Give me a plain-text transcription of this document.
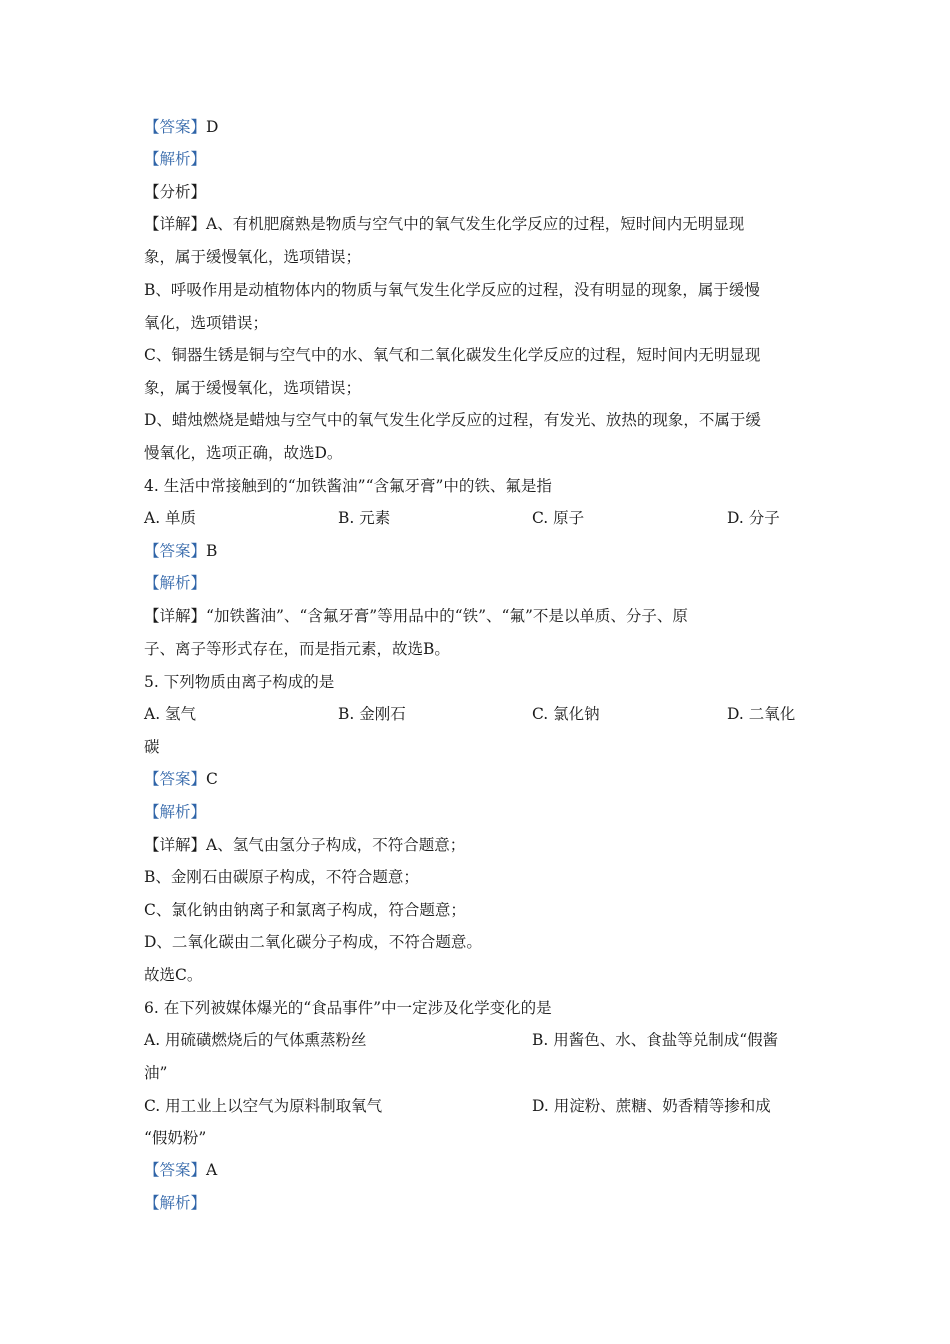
【答案】D
【解析】
【分析】
【详解】A、有机肥腐熟是物质与空气中的氧气发生化学反应的过程，短时间内无明显现
象，属于缓慢氧化，选项错误；
B、呼吸作用是动植物体内的物质与氧气发生化学反应的过程，没有明显的现象，属于缓慢
氧化，选项错误；
C、铜器生锈是铜与空气中的水、氧气和二氧化碳发生化学反应的过程，短时间内无明显现
象，属于缓慢氧化，选项错误；
D、蜡烛燃烧是蜡烛与空气中的氧气发生化学反应的过程，有发光、放热的现象，不属于缓
慢氧化，选项正确，故选D。
4. 生活中常接触到的“加铁酱油”“含氟牙膏”中的铁、氟是指
A. 单质	B. 元素	C. 原子	D. 分子
【答案】B
【解析】
【详解】“加铁酱油”、“含氟牙膏”等用品中的“铁”、“氟”不是以单质、分子、原
子、离子等形式存在，而是指元素，故选B。
5. 下列物质由离子构成的是
A. 氢气	B. 金刚石	C. 氯化钠	D. 二氧化
碳
【答案】C
【解析】
【详解】A、氢气由氢分子构成，不符合题意；
B、金刚石由碳原子构成，不符合题意；
C、氯化钠由钠离子和氯离子构成，符合题意；
D、二氧化碳由二氧化碳分子构成，不符合题意。
故选C。
6. 在下列被媒体爆光的“食品事件”中一定涉及化学变化的是
A. 用硫磺燃烧后的气体熏蒸粉丝	B. 用酱色、水、食盐等兑制成“假酱
油”
C. 用工业上以空气为原料制取氧气	D. 用淀粉、蔗糖、奶香精等掺和成
“假奶粉”
【答案】A
【解析】
